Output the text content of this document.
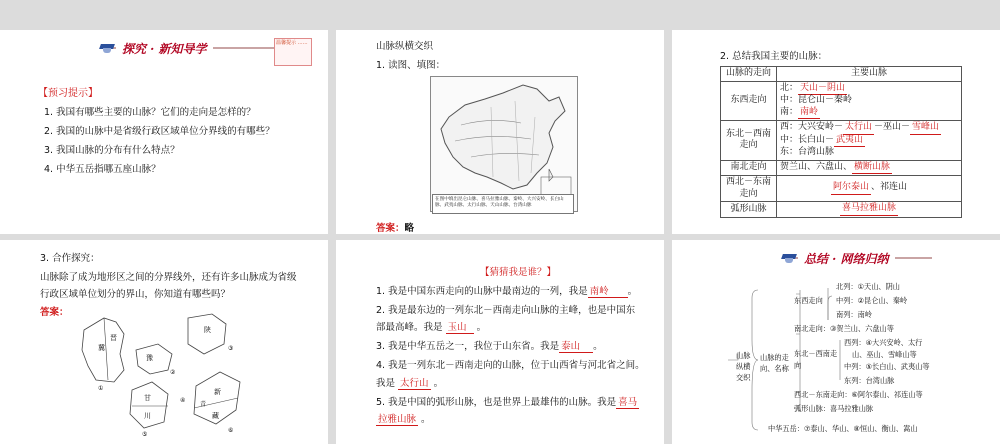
探究 · 新知导学	温馨提示 ……
【预习提示】
1. 我国有哪些主要的山脉？它们的走向是怎样的？
2. 我国的山脉中是省级行政区域单位分界线的有哪些？
3. 我国山脉的分布有什么特点？
4. 中华五岳指哪五座山脉？
山脉纵横交织
1. 读图、填图：
在图中填出昆仑山脉、喜马拉雅山脉、秦岭、大兴安岭、长白山脉、武夷山脉、太行山脉、天山山脉、台湾山脉
答案：略
2. 总结我国主要的山脉：
山脉的走向	主要山脉
东西走向	北： 天山－阴山
中：昆仑山－秦岭
南： 南岭

东北－西南走向	西：大兴安岭－ 太行山 －巫山－ 雪峰山
中：长白山－ 武夷山
东：台湾山脉

南北走向	贺兰山、六盘山、 横断山脉
西北－东南走向	阿尔泰山 、祁连山
弧形山脉	喜马拉雅山脉
3. 合作探究：
山脉除了成为地形区之间的分界线外，还有许多山脉成为省级
行政区域单位划分的界山，你知道有哪些吗？
答案：
冀
晋
豫
陕
甘
川	藏
新
青
①
②
③
⑤
④
⑥
【猜猜我是谁？】
1. 我是中国东西走向的山脉中最南边的一列，我是 南岭 。
2. 我是最东边的一列东北－西南走向山脉的主峰，也是中国东
部最高峰。我是 玉山 。
3. 我是中华五岳之一，我位于山东省。我是 泰山 。
4. 我是一列东北－西南走向的山脉，位于山西省与河北省之间。
我是 太行山 。
5. 我是中国的弧形山脉，也是世界上最雄伟的山脉。我是 喜马
拉雅山脉 。
总结 · 网络归纳
山脉纵横交织
山脉的走向、名称
东西走向
北列：①天山、阴山
中列：②昆仑山、秦岭
南列：南岭
南北走向：③贺兰山、六盘山等
东北－西南走向
西列：④大兴安岭、太行
山、巫山、雪峰山等
中列：⑤长白山、武夷山等
东列：台湾山脉
西北－东南走向：⑥阿尔泰山、祁连山等
弧形山脉：喜马拉雅山脉
中华五岳：⑦泰山、华山、⑧恒山、衡山、嵩山
